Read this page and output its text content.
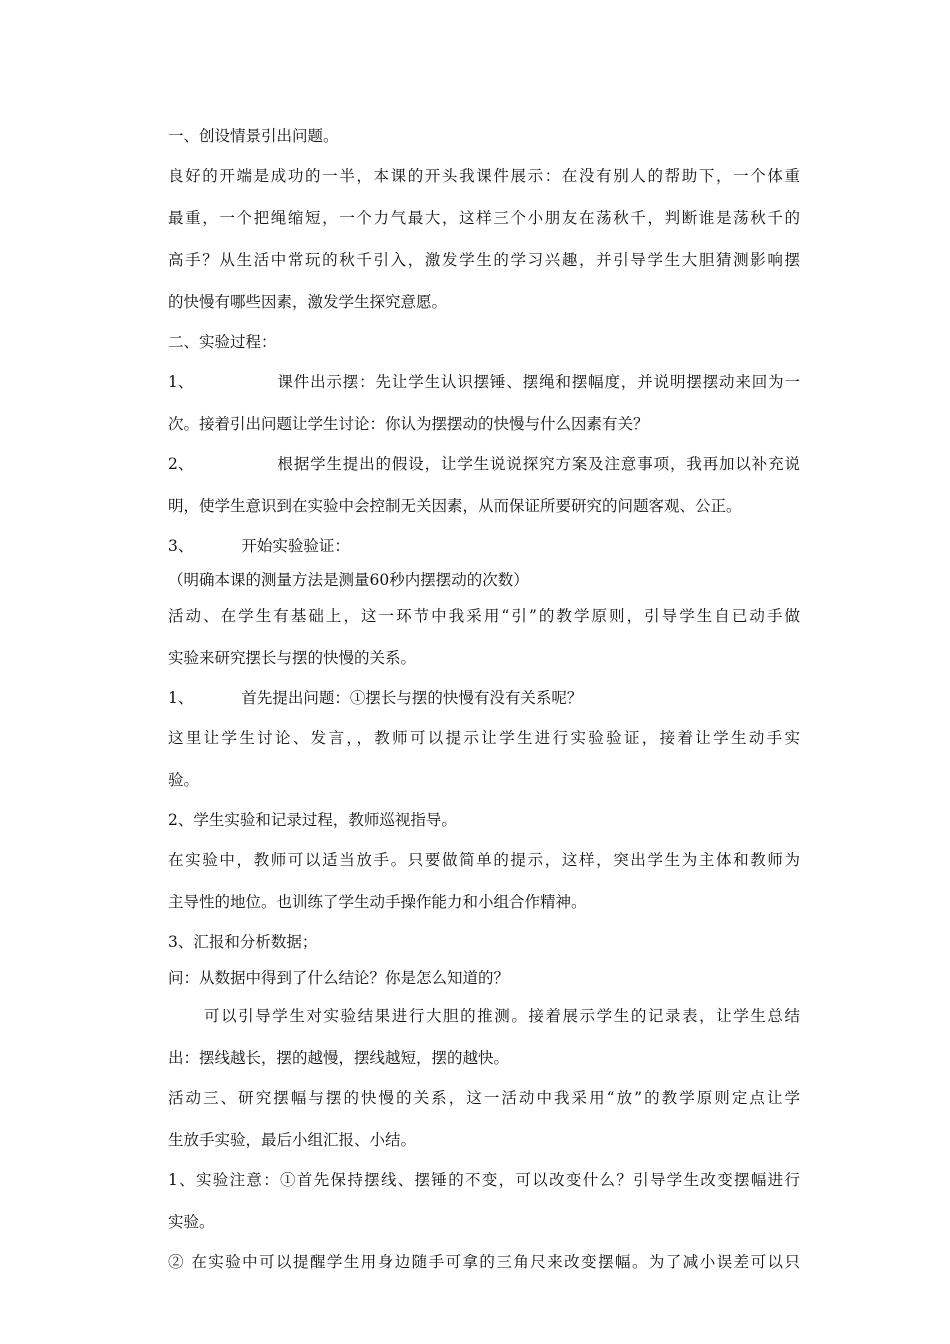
一、创设情景引出问题。
良好的开端是成功的一半，本课的开头我课件展示：在没有别人的帮助下，一个体重
最重，一个把绳缩短，一个力气最大，这样三个小朋友在荡秋千，判断谁是荡秋千的
高手？从生活中常玩的秋千引入，激发学生的学习兴趣，并引导学生大胆猜测影响摆
的快慢有哪些因素，激发学生探究意愿。
二、实验过程：
1、	课件出示摆：先让学生认识摆锤、摆绳和摆幅度，并说明摆摆动来回为一
次。接着引出问题让学生讨论：你认为摆摆动的快慢与什么因素有关？
2、	根据学生提出的假设，让学生说说探究方案及注意事项，我再加以补充说
明，使学生意识到在实验中会控制无关因素，从而保证所要研究的问题客观、公正。
3、	开始实验验证：
（明确本课的测量方法是测量60秒内摆摆动的次数）
活动、在学生有基础上，这一环节中我采用“引”的教学原则，引导学生自已动手做
实验来研究摆长与摆的快慢的关系。
1、	首先提出问题：①摆长与摆的快慢有没有关系呢？
这里让学生讨论、发言，，教师可以提示让学生进行实验验证，接着让学生动手实
验。
2、学生实验和记录过程，教师巡视指导。
在实验中，教师可以适当放手。只要做简单的提示，这样，突出学生为主体和教师为
主导性的地位。也训练了学生动手操作能力和小组合作精神。
3、汇报和分析数据；
问：从数据中得到了什么结论？你是怎么知道的？
可以引导学生对实验结果进行大胆的推测。接着展示学生的记录表，让学生总结
出：摆线越长，摆的越慢，摆线越短，摆的越快。
活动三、研究摆幅与摆的快慢的关系，这一活动中我采用“放”的教学原则定点让学
生放手实验，最后小组汇报、小结。
1、实验注意：①首先保持摆线、摆锤的不变，可以改变什么？引导学生改变摆幅进行
实验。
② 在实验中可以提醒学生用身边随手可拿的三角尺来改变摆幅。为了减小误差可以只
